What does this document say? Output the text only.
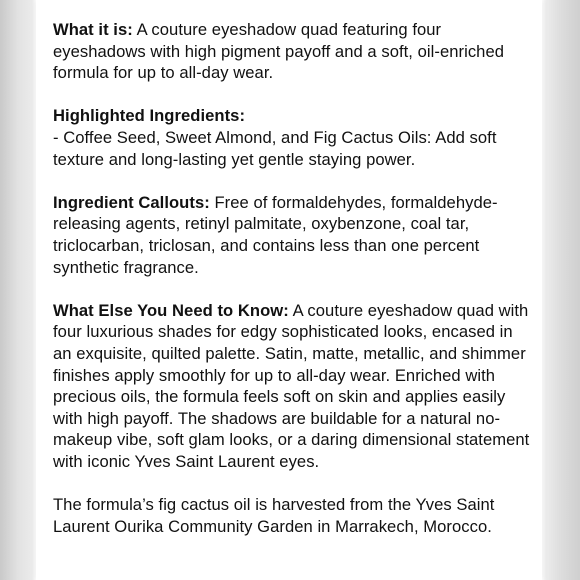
What it is: A couture eyeshadow quad featuring four eyeshadows with high pigment payoff and a soft, oil-enriched formula for up to all-day wear.

Highlighted Ingredients:
- Coffee Seed, Sweet Almond, and Fig Cactus Oils: Add soft texture and long-lasting yet gentle staying power.

Ingredient Callouts: Free of formaldehydes, formaldehyde-releasing agents, retinyl palmitate, oxybenzone, coal tar, triclocarban, triclosan, and contains less than one percent synthetic fragrance.

What Else You Need to Know: A couture eyeshadow quad with four luxurious shades for edgy sophisticated looks, encased in an exquisite, quilted palette. Satin, matte, metallic, and shimmer finishes apply smoothly for up to all-day wear. Enriched with precious oils, the formula feels soft on skin and applies easily with high payoff. The shadows are buildable for a natural no-makeup vibe, soft glam looks, or a daring dimensional statement with iconic Yves Saint Laurent eyes.

The formula’s fig cactus oil is harvested from the Yves Saint Laurent Ourika Community Garden in Marrakech, Morocco.
